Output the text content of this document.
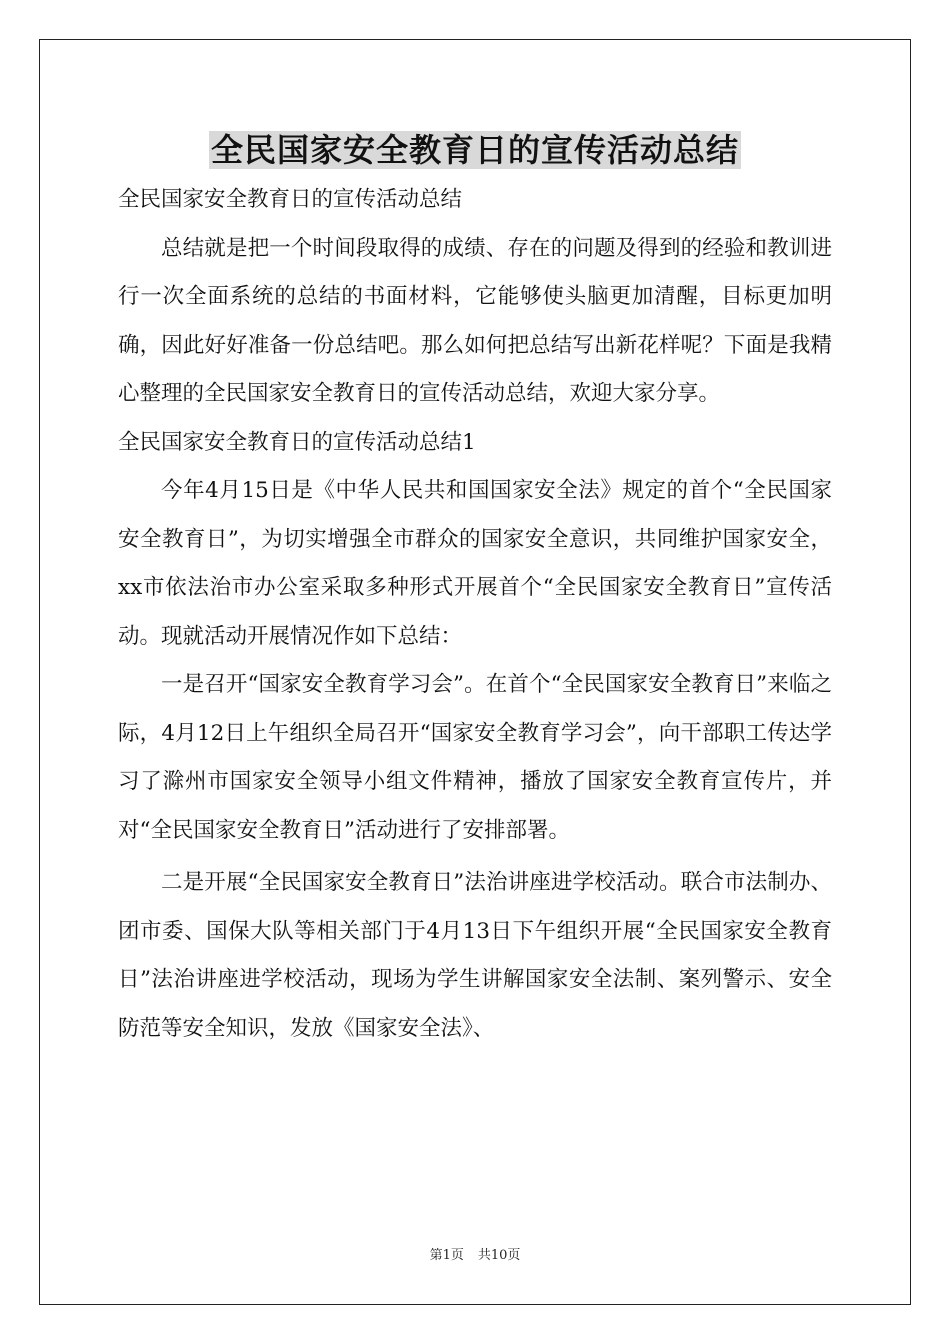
全民国家安全教育日的宣传活动总结

全民国家安全教育日的宣传活动总结

总结就是把一个时间段取得的成绩、存在的问题及得到的经验和教训进行一次全面系统的总结的书面材料，它能够使头脑更加清醒，目标更加明确，因此好好准备一份总结吧。那么如何把总结写出新花样呢？下面是我精心整理的全民国家安全教育日的宣传活动总结，欢迎大家分享。

全民国家安全教育日的宣传活动总结1

今年4月15日是《中华人民共和国国家安全法》规定的首个“全民国家安全教育日”，为切实增强全市群众的国家安全意识，共同维护国家安全，xx市依法治市办公室采取多种形式开展首个“全民国家安全教育日”宣传活动。现就活动开展情况作如下总结：

一是召开“国家安全教育学习会”。在首个“全民国家安全教育日”来临之际，4月12日上午组织全局召开“国家安全教育学习会”，向干部职工传达学习了滁州市国家安全领导小组文件精神，播放了国家安全教育宣传片，并对“全民国家安全教育日”活动进行了安排部署。

二是开展“全民国家安全教育日”法治讲座进学校活动。联合市法制办、团市委、国保大队等相关部门于4月13日下午组织开展“全民国家安全教育日”法治讲座进学校活动，现场为学生讲解国家安全法制、案列警示、安全防范等安全知识，发放《国家安全法》、

第1页 共10页
